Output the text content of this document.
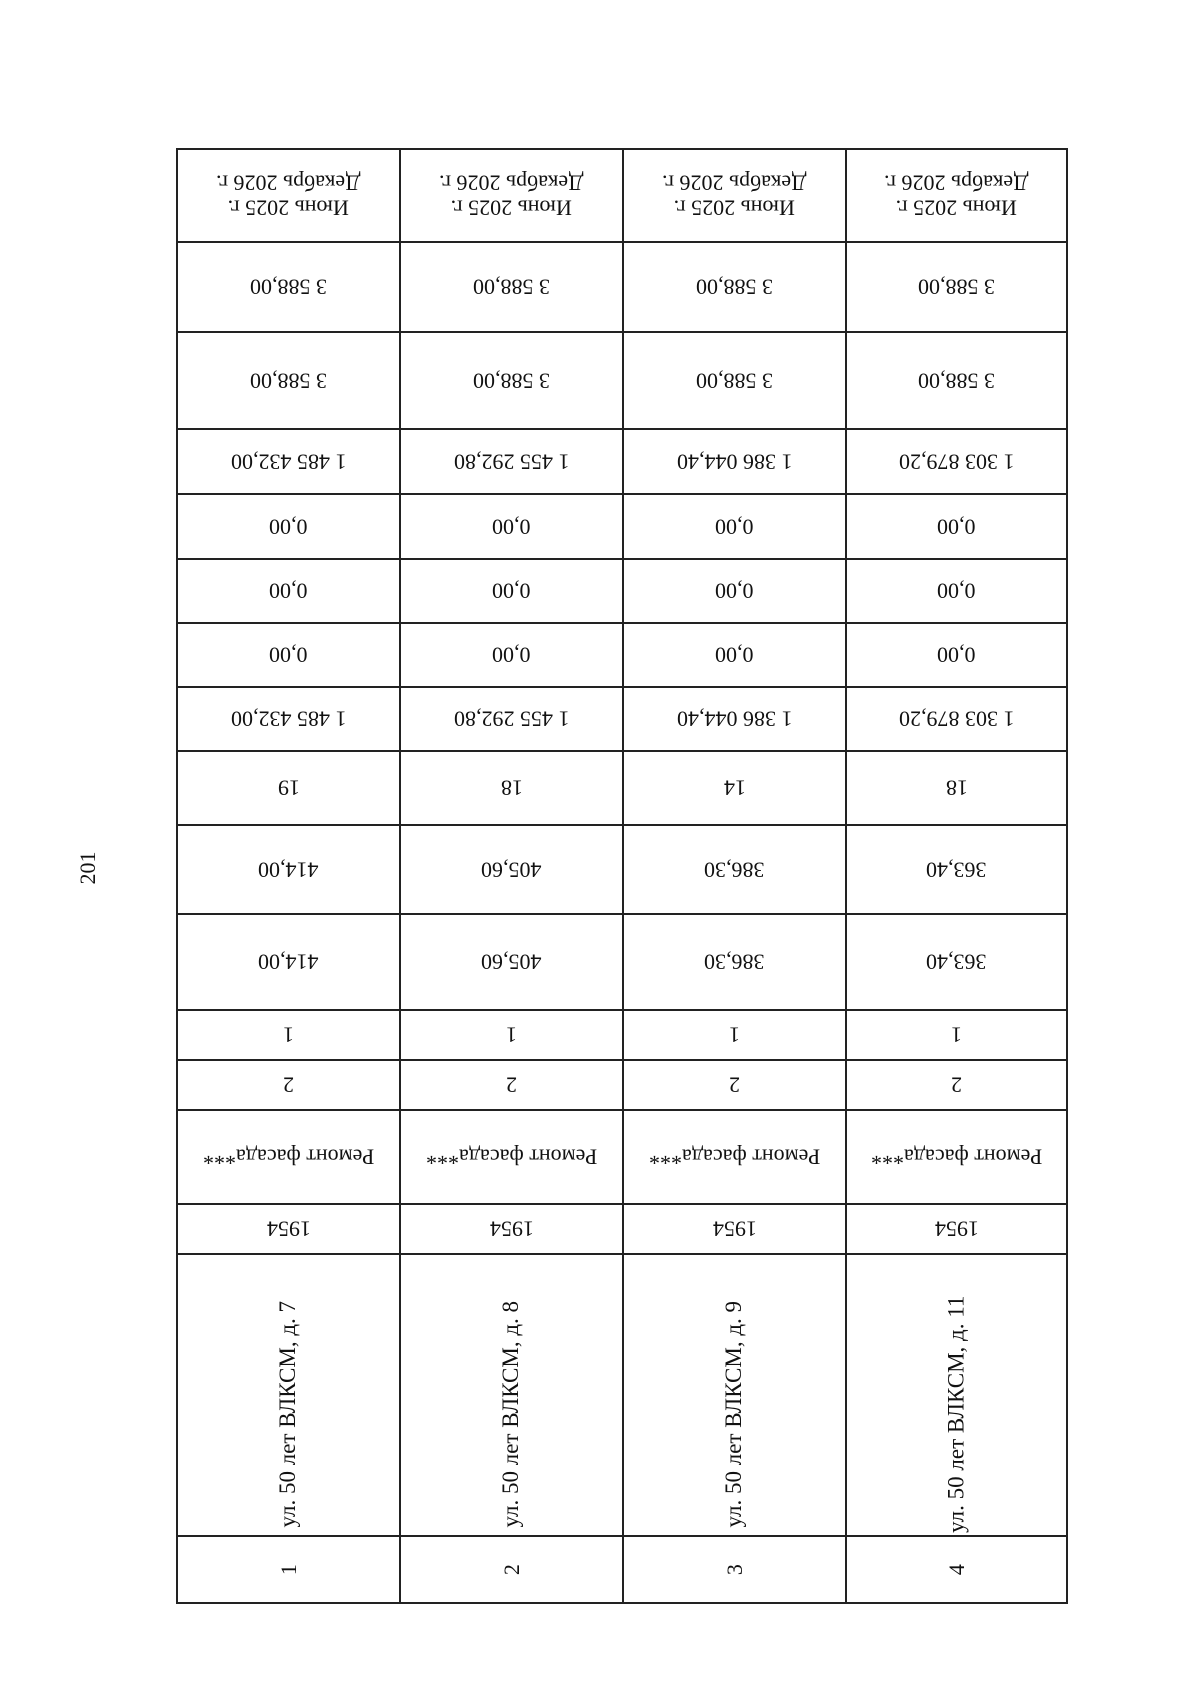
201
Июнь 2025 г.
Декабрь 2026 г.
3 588,00
3 588,00
1 485 432,00
0,00
0,00
0,00
1 485 432,00
19
414,00
414,00
1
2
Ремонт фасада***
1954
ул. 50 лет ВЛКСМ, д. 7
1
Июнь 2025 г.
Декабрь 2026 г.
3 588,00
3 588,00
1 455 292,80
0,00
0,00
0,00
1 455 292,80
18
405,60
405,60
1
2
Ремонт фасада***
1954
ул. 50 лет ВЛКСМ, д. 8
2
Июнь 2025 г.
Декабрь 2026 г.
3 588,00
3 588,00
1 386 044,40
0,00
0,00
0,00
1 386 044,40
14
386,30
386,30
1
2
Ремонт фасада***
1954
ул. 50 лет ВЛКСМ, д. 9
3
Июнь 2025 г.
Декабрь 2026 г.
3 588,00
3 588,00
1 303 879,20
0,00
0,00
0,00
1 303 879,20
18
363,40
363,40
1
2
Ремонт фасада***
1954
ул. 50 лет ВЛКСМ, д. 11
4
